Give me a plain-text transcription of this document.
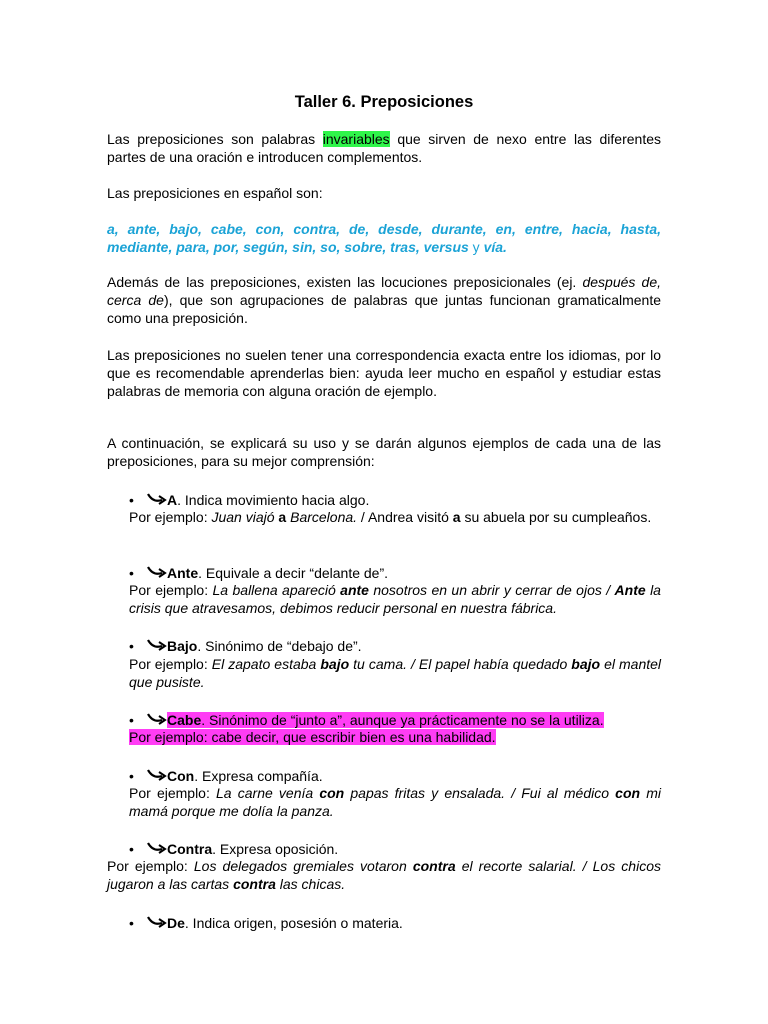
Taller 6. Preposiciones
Las preposiciones son palabras invariables que sirven de nexo entre las diferentes partes de una oración e introducen complementos.
Las preposiciones en español son:
a, ante, bajo, cabe, con, contra, de, desde, durante, en, entre, hacia, hasta, mediante, para, por, según, sin, so, sobre, tras, versus y vía.
Además de las preposiciones, existen las locuciones preposicionales (ej. después de, cerca de), que son agrupaciones de palabras que juntas funcionan gramaticalmente como una preposición.
Las preposiciones no suelen tener una correspondencia exacta entre los idiomas, por lo que es recomendable aprenderlas bien: ayuda leer mucho en español y estudiar estas palabras de memoria con alguna oración de ejemplo.
A continuación, se explicará su uso y se darán algunos ejemplos de cada una de las preposiciones, para su mejor comprensión:
• A. Indica movimiento hacia algo.
Por ejemplo: Juan viajó a Barcelona. / Andrea visitó a su abuela por su cumpleaños.
• Ante. Equivale a decir “delante de”.
Por ejemplo: La ballena apareció ante nosotros en un abrir y cerrar de ojos / Ante la crisis que atravesamos, debimos reducir personal en nuestra fábrica.
• Bajo. Sinónimo de “debajo de”.
Por ejemplo: El zapato estaba bajo tu cama. / El papel había quedado bajo el mantel que pusiste.
• Cabe. Sinónimo de “junto a”, aunque ya prácticamente no se la utiliza.
Por ejemplo: cabe decir, que escribir bien es una habilidad.
• Con. Expresa compañía.
Por ejemplo: La carne venía con papas fritas y ensalada. / Fui al médico con mi mamá porque me dolía la panza.
• Contra. Expresa oposición.
Por ejemplo: Los delegados gremiales votaron contra el recorte salarial. / Los chicos jugaron a las cartas contra las chicas.
• De. Indica origen, posesión o materia.
